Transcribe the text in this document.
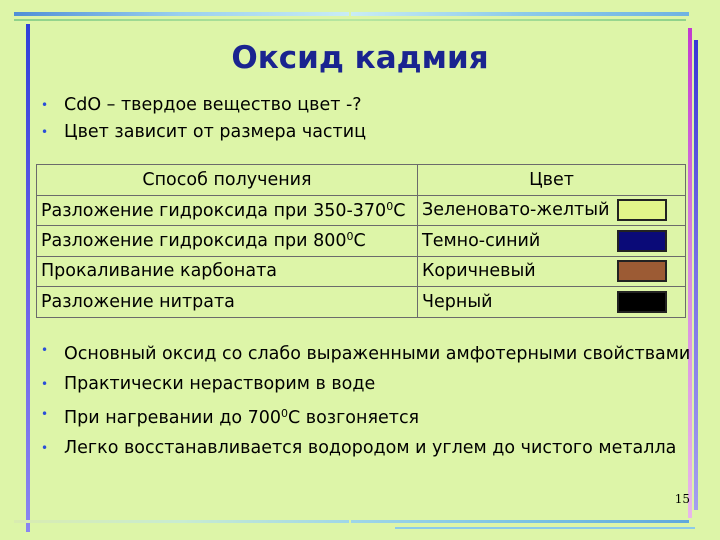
Оксид кадмия
• CdO – твердое вещество цвет -?
• Цвет зависит от размера частиц
Способ получения	Цвет
Разложение гидроксида при $350-370^0С$	Зеленовато-желтый

Разложение гидроксида при $800^0С$	Темно-синий

Прокаливание карбоната	Коричневый

Разложение нитрата	Черный
• Основный оксид со слабо выраженными амфотерными свойствами
• Практически нерастворим в воде
• При нагревании до $700^0С$ возгоняется
• Легко восстанавливается водородом и углем до чистого металла
15
